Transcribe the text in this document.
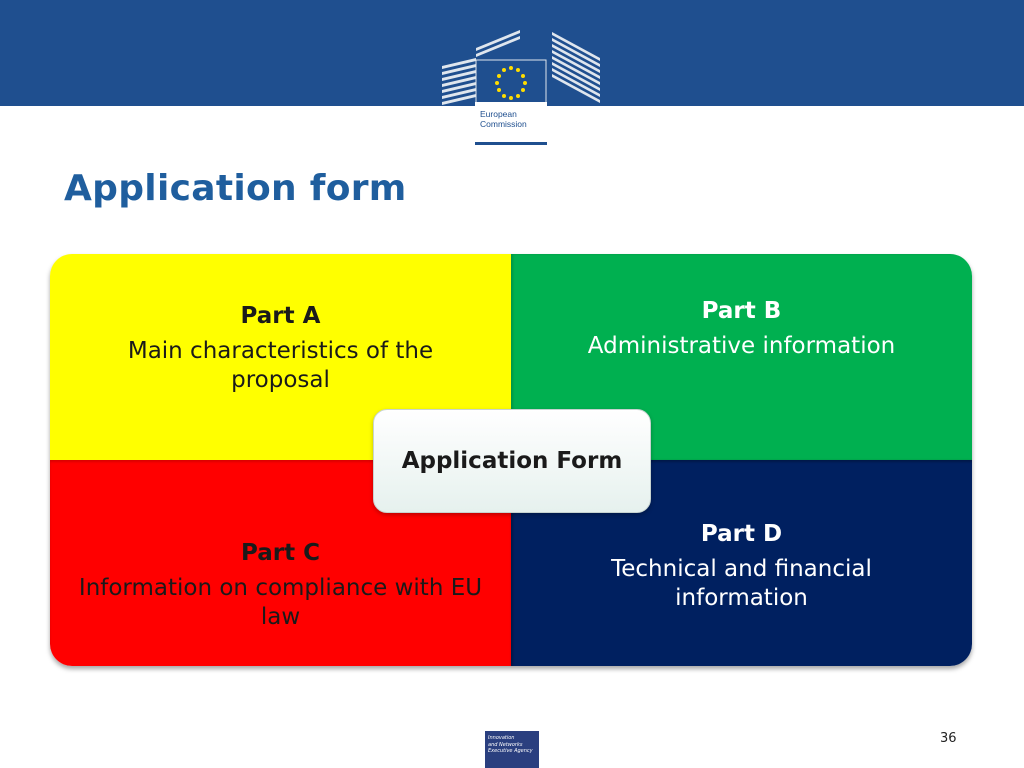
European
Commission
Application form
Part A
Main characteristics of the proposal
Part B
Administrative information
Part C
Information on compliance with EU law
Part D
Technical and financial information
Application Form
Innovation
and Networks
Executive Agency
36
